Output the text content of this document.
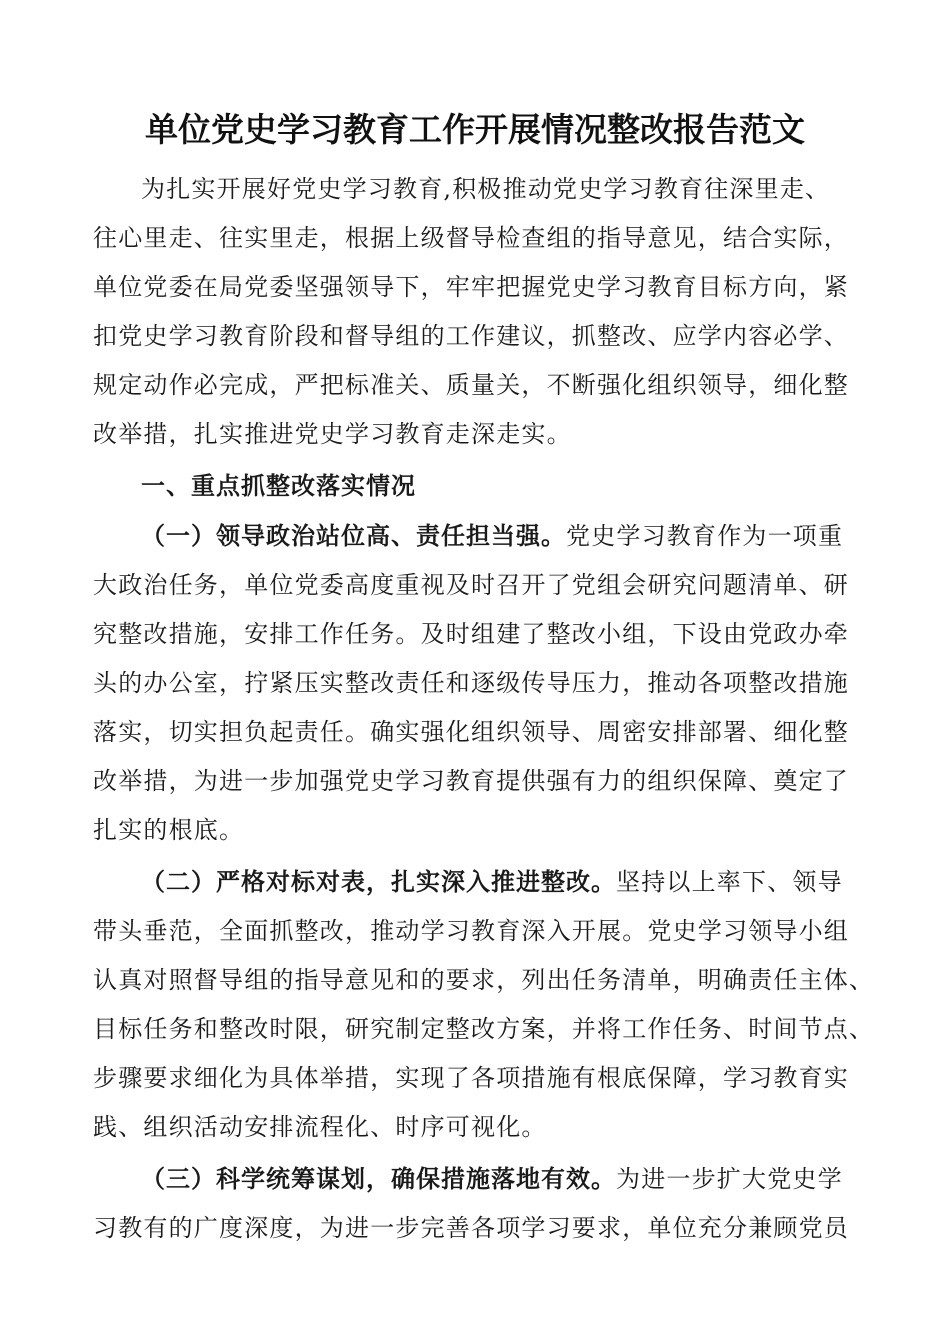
单位党史学习教育工作开展情况整改报告范文
为扎实开展好党史学习教育,积极推动党史学习教育往深里走、
往心里走、往实里走，根据上级督导检查组的指导意见，结合实际，
单位党委在局党委坚强领导下，牢牢把握党史学习教育目标方向，紧
扣党史学习教育阶段和督导组的工作建议，抓整改、应学内容必学、
规定动作必完成，严把标准关、质量关，不断强化组织领导，细化整
改举措，扎实推进党史学习教育走深走实。
一、重点抓整改落实情况
（一）领导政治站位高、责任担当强。党史学习教育作为一项重
大政治任务，单位党委高度重视及时召开了党组会研究问题清单、研
究整改措施，安排工作任务。及时组建了整改小组，下设由党政办牵
头的办公室，拧紧压实整改责任和逐级传导压力，推动各项整改措施
落实，切实担负起责任。确实强化组织领导、周密安排部署、细化整
改举措，为进一步加强党史学习教育提供强有力的组织保障、奠定了
扎实的根底。
（二）严格对标对表，扎实深入推进整改。坚持以上率下、领导
带头垂范，全面抓整改，推动学习教育深入开展。党史学习领导小组
认真对照督导组的指导意见和的要求，列出任务清单，明确责任主体、
目标任务和整改时限，研究制定整改方案，并将工作任务、时间节点、
步骤要求细化为具体举措，实现了各项措施有根底保障，学习教育实
践、组织活动安排流程化、时序可视化。
（三）科学统筹谋划，确保措施落地有效。为进一步扩大党史学
习教有的广度深度，为进一步完善各项学习要求，单位充分兼顾党员
